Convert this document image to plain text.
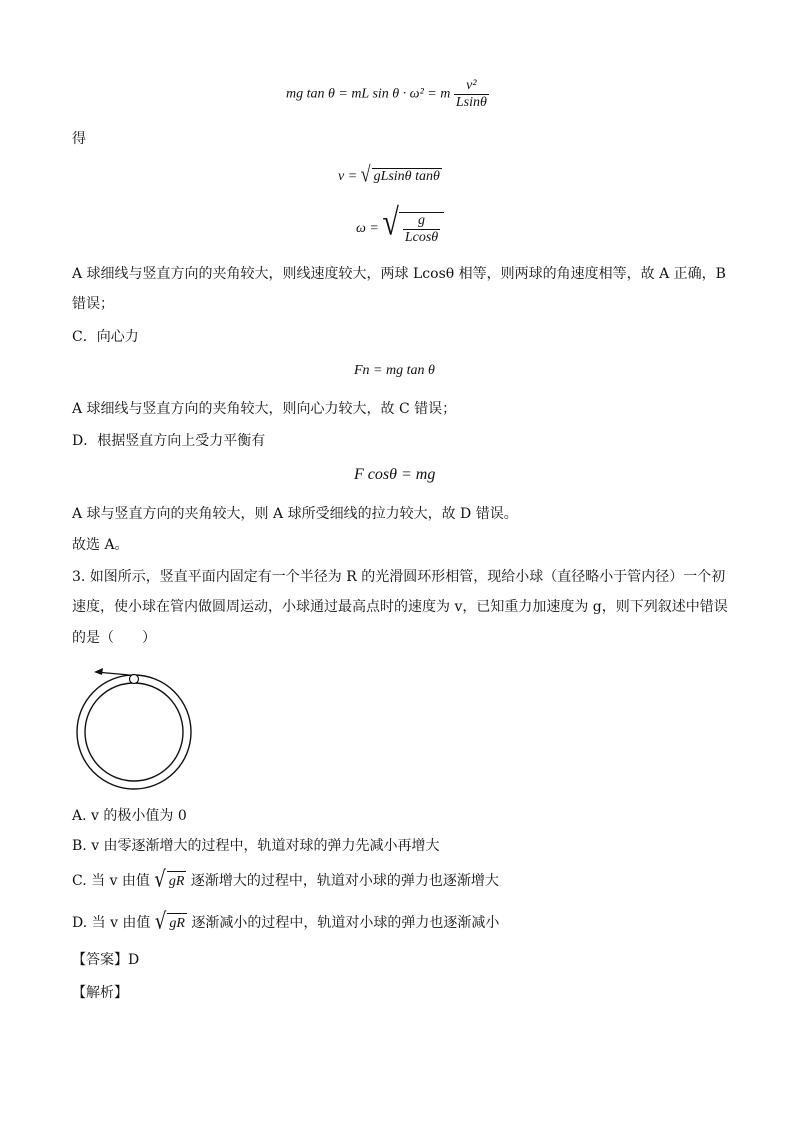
mg tan θ = mL sin θ · ω² = m $\frac{\text{v²}}{Lsin\theta}$
得
v = √ gLsinθ tanθ
ω = √ $\frac{g}{Lcos\theta}$
A 球细线与竖直方向的夹角较大，则线速度较大，两球 Lcosθ 相等，则两球的角速度相等，故 A 正确，B
错误；
C．向心力
Fn = mg tan θ
A 球细线与竖直方向的夹角较大，则向心力较大，故 C 错误；
D．根据竖直方向上受力平衡有
F cosθ = mg
A 球与竖直方向的夹角较大，则 A 球所受细线的拉力较大，故 D 错误。
故选 A。
3. 如图所示，竖直平面内固定有一个半径为 R 的光滑圆环形相管，现给小球（直径略小于管内径）一个初
速度，使小球在管内做圆周运动，小球通过最高点时的速度为 v，已知重力加速度为 g，则下列叙述中错误
的是（　　）
A. v 的极小值为 0
B. v 由零逐渐增大的过程中，轨道对球的弹力先减小再增大
C. 当 v 由值 √ gR 逐渐增大的过程中，轨道对小球的弹力也逐渐增大
D. 当 v 由值 √ gR 逐渐减小的过程中，轨道对小球的弹力也逐渐减小
【答案】D
【解析】
